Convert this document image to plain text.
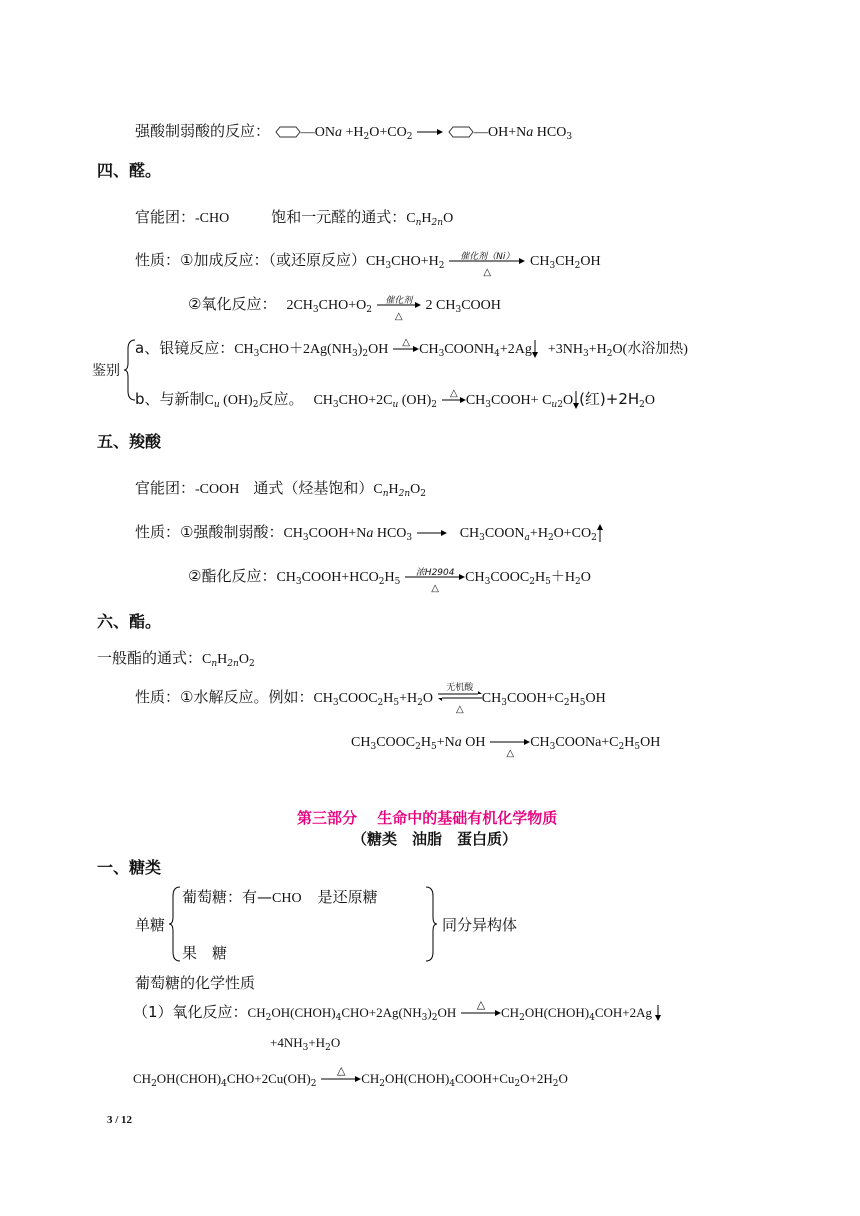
强酸制弱酸的反应： —ONa $+H_2O+CO_2$ → —OH+Na $HCO_3$
四、醛。
官能团：-CHO	饱和一元醛的通式：$C_nH_{2n}O$
性质：①加成反应：（或还原反应）$CH_3CHO+H_2$
催化剂（Ni）
△
$CH_3CH_2OH$
②氧化反应： $2CH_3CHO+O_2$
催化剂
△
2 $CH_3COOH$
鉴别
a、银镜反应：$CH_3CHO+2Ag(NH_3)_2OH$	△ $CH_3COONH_4+2Ag +3NH_3+H_2O$(水浴加热)
b、与新制$C_u$ $(OH)_2$反应。 $CH_3CHO+2C_u$ $(OH)_2$
△ $CH_3COOH+ C_{u2}O$ (红)$+2H_2O$
五、羧酸
官能团：-COOH 通式（烃基饱和）$C_nH_{2n}O_2$
性质：①强酸制弱酸：$CH_3COOH+Na$ $HCO_3$ → $CH_3COON_a+H_2O+CO_2$
②酯化反应：$CH_3COOH+HCO_2H_5$
浓H2904
△
$CH_3COOC_2H_5+H_2O$
六、酯。
一般酯的通式：$C_nH_{2n}O_2$
性质：①水解反应。例如：$CH_3COOC_2H_5+H_2O$
无机酸
△
$CH_3COOH+C_2H_5OH$
$CH_3COOC_2H_5+Na$ OH
△
$CH_3COONa+C_2H_5OH$
第三部分　 生命中的基础有机化学物质
（糖类　油脂　蛋白质）
一、糖类
单糖
葡萄糖：有—CHO 是还原糖
果　糖
同分异构体
葡萄糖的化学性质
（1）氧化反应：$CH_2OH(CHOH)_4CHO+2Ag(NH_3)_2OH$
△
$CH_2OH(CHOH)_4COH+2Ag$
$+4NH_3+H_2O$
$CH_2OH(CHOH)_4CHO+2Cu(OH)_2$
△
$CH_2OH(CHOH)_4COOH+Cu_2O+2H_2O$
3 / 12
